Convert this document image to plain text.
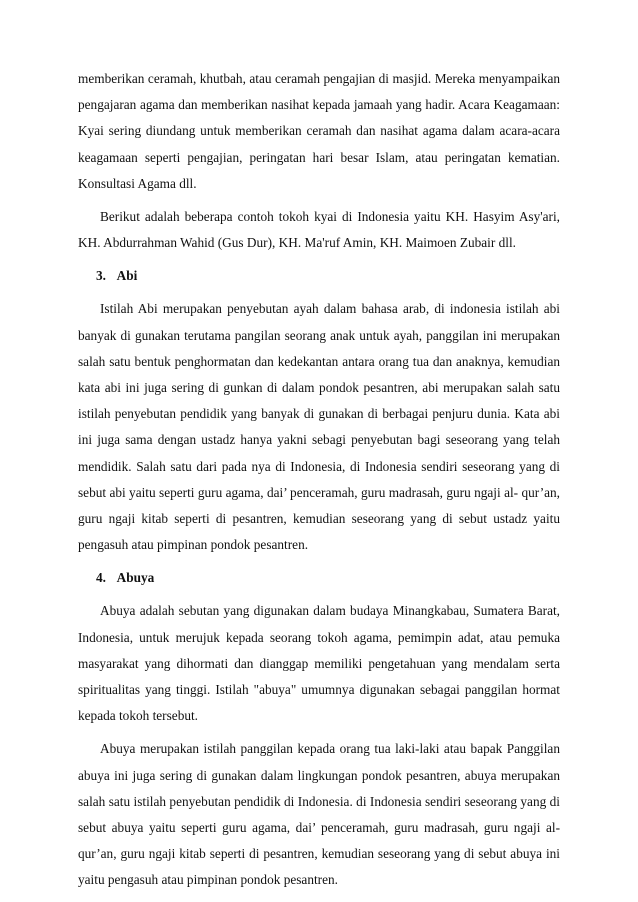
memberikan ceramah, khutbah, atau ceramah pengajian di masjid. Mereka menyampaikan pengajaran agama dan memberikan nasihat kepada jamaah yang hadir. Acara Keagamaan: Kyai sering diundang untuk memberikan ceramah dan nasihat agama dalam acara-acara keagamaan seperti pengajian, peringatan hari besar Islam, atau peringatan kematian. Konsultasi Agama dll.

Berikut adalah beberapa contoh tokoh kyai di Indonesia yaitu KH. Hasyim Asy'ari, KH. Abdurrahman Wahid (Gus Dur), KH. Ma'ruf Amin, KH. Maimoen Zubair dll.

3. Abi

Istilah Abi merupakan penyebutan ayah dalam bahasa arab, di indonesia istilah abi banyak di gunakan terutama pangilan seorang anak untuk ayah, panggilan ini merupakan salah satu bentuk penghormatan dan kedekantan antara orang tua dan anaknya, kemudian kata abi ini juga sering di gunkan di dalam pondok pesantren, abi merupakan salah satu istilah penyebutan pendidik yang banyak di gunakan di berbagai penjuru dunia. Kata abi ini juga sama dengan ustadz hanya yakni sebagi penyebutan bagi seseorang yang telah mendidik. Salah satu dari pada nya di Indonesia, di Indonesia sendiri seseorang yang di sebut abi yaitu seperti guru agama, dai’ penceramah, guru madrasah, guru ngaji al- qur’an, guru ngaji kitab seperti di pesantren, kemudian seseorang yang di sebut ustadz yaitu pengasuh atau pimpinan pondok pesantren.

4. Abuya

Abuya adalah sebutan yang digunakan dalam budaya Minangkabau, Sumatera Barat, Indonesia, untuk merujuk kepada seorang tokoh agama, pemimpin adat, atau pemuka masyarakat yang dihormati dan dianggap memiliki pengetahuan yang mendalam serta spiritualitas yang tinggi. Istilah "abuya" umumnya digunakan sebagai panggilan hormat kepada tokoh tersebut.

Abuya merupakan istilah panggilan kepada orang tua laki-laki atau bapak Panggilan abuya ini juga sering di gunakan dalam lingkungan pondok pesantren, abuya merupakan salah satu istilah penyebutan pendidik di Indonesia. di Indonesia sendiri seseorang yang di sebut abuya yaitu seperti guru agama, dai’ penceramah, guru madrasah, guru ngaji al- qur’an, guru ngaji kitab seperti di pesantren, kemudian seseorang yang di sebut abuya ini yaitu pengasuh atau pimpinan pondok pesantren.
